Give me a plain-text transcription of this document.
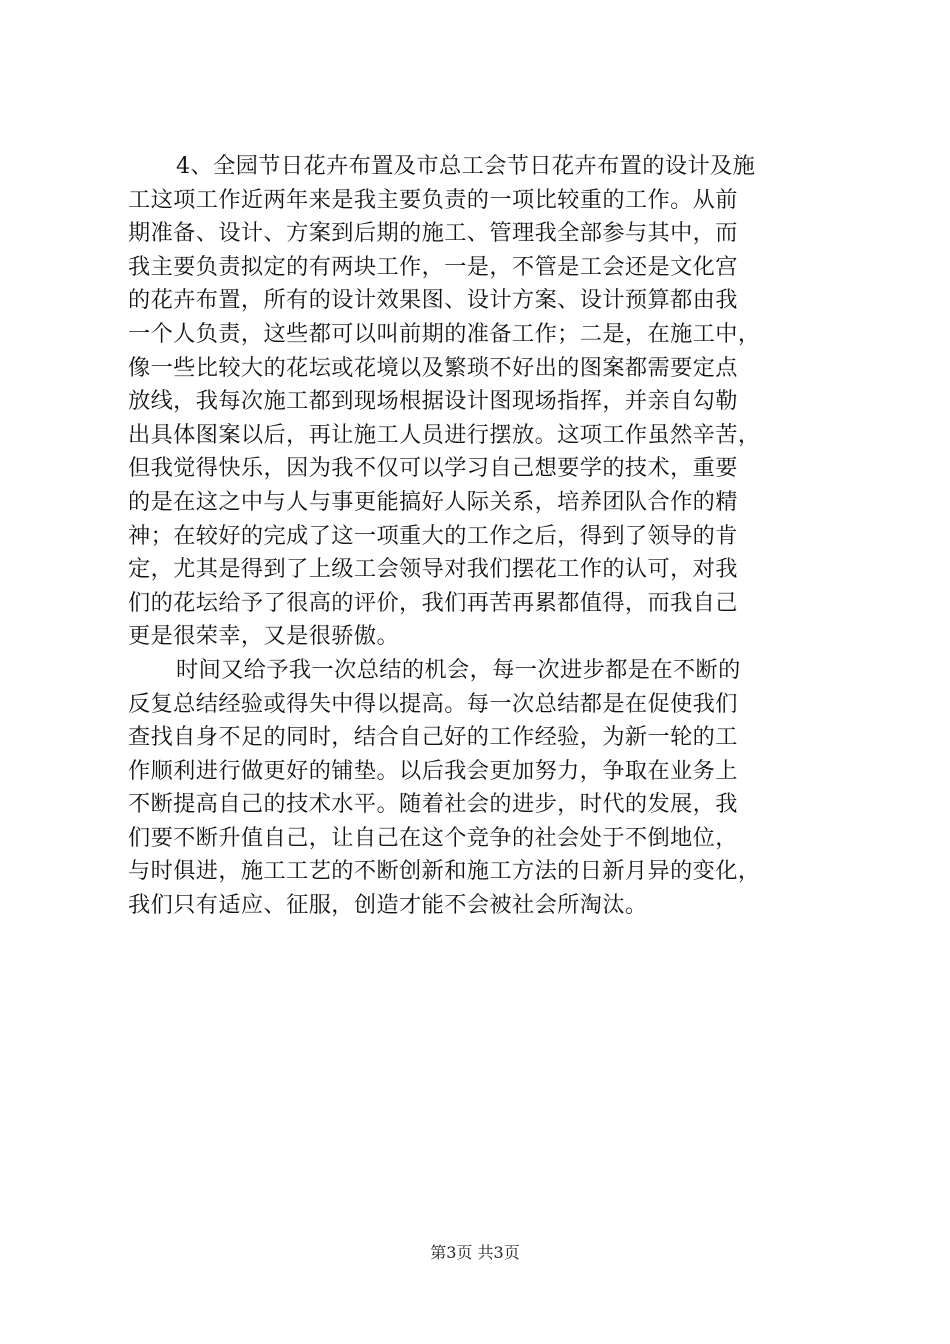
4、全园节日花卉布置及市总工会节日花卉布置的设计及施
工这项工作近两年来是我主要负责的一项比较重的工作。从前
期准备、设计、方案到后期的施工、管理我全部参与其中，而
我主要负责拟定的有两块工作，一是，不管是工会还是文化宫
的花卉布置，所有的设计效果图、设计方案、设计预算都由我
一个人负责，这些都可以叫前期的准备工作；二是，在施工中，
像一些比较大的花坛或花境以及繁琐不好出的图案都需要定点
放线，我每次施工都到现场根据设计图现场指挥，并亲自勾勒
出具体图案以后，再让施工人员进行摆放。这项工作虽然辛苦，
但我觉得快乐，因为我不仅可以学习自己想要学的技术，重要
的是在这之中与人与事更能搞好人际关系，培养团队合作的精
神；在较好的完成了这一项重大的工作之后，得到了领导的肯
定，尤其是得到了上级工会领导对我们摆花工作的认可，对我
们的花坛给予了很高的评价，我们再苦再累都值得，而我自己
更是很荣幸，又是很骄傲。
时间又给予我一次总结的机会，每一次进步都是在不断的
反复总结经验或得失中得以提高。每一次总结都是在促使我们
查找自身不足的同时，结合自己好的工作经验，为新一轮的工
作顺利进行做更好的铺垫。以后我会更加努力，争取在业务上
不断提高自己的技术水平。随着社会的进步，时代的发展，我
们要不断升值自己，让自己在这个竞争的社会处于不倒地位，
与时俱进，施工工艺的不断创新和施工方法的日新月异的变化，
我们只有适应、征服，创造才能不会被社会所淘汰。
第3页 共3页
